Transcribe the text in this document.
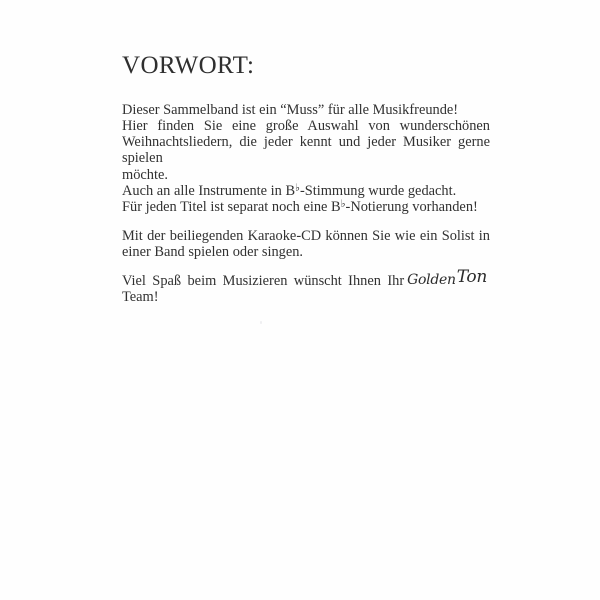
VORWORT:

Dieser Sammelband ist ein “Muss” für alle Musikfreunde!
Hier finden Sie eine große Auswahl von wunderschönen
Weihnachtsliedern, die jeder kennt und jeder Musiker gerne spielen
möchte.
Auch an alle Instrumente in B♭-Stimmung wurde gedacht.
Für jeden Titel ist separat noch eine B♭-Notierung vorhanden!

Mit der beiliegenden Karaoke-CD können Sie wie ein Solist in
einer Band spielen oder singen.

Viel Spaß beim Musizieren wünscht Ihnen Ihr GoldenTonTeam!
